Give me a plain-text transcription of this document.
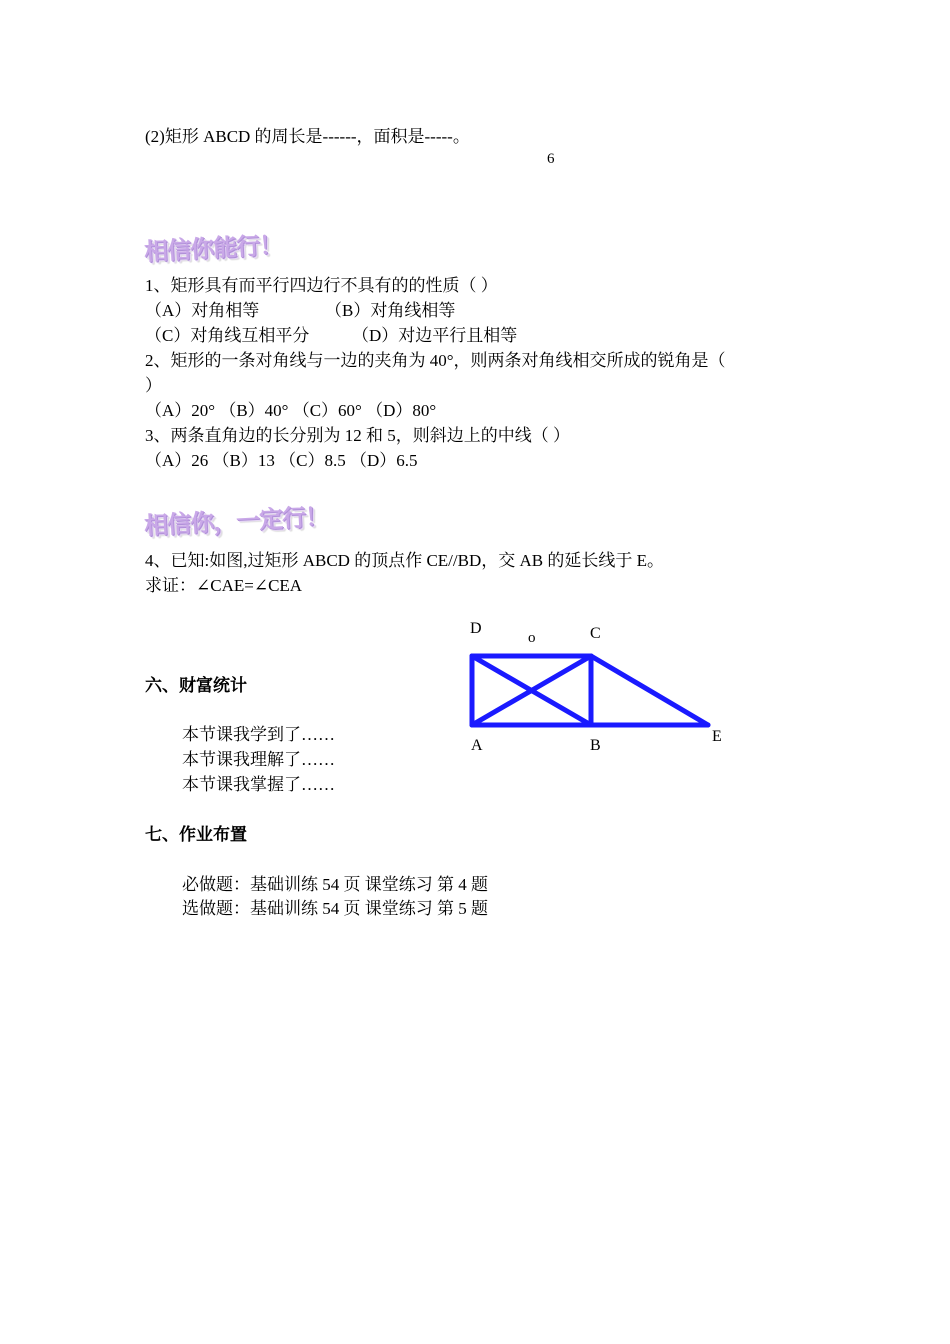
(2)矩形 ABCD 的周长是------，面积是-----。
6
相信你能行！
1、矩形具有而平行四边行不具有的的性质（ ）
（A）对角相等	（B）对角线相等
（C）对角线互相平分	（D）对边平行且相等
2、矩形的一条对角线与一边的夹角为 40°，则两条对角线相交所成的锐角是（
）
（A）20° （B）40° （C）60° （D）80°
3、两条直角边的长分别为 12 和 5，则斜边上的中线（ ）
（A）26 （B）13 （C）8.5 （D）6.5
相信你，一定行！
4、已知:如图,过矩形 ABCD 的顶点作 CE//BD，交 AB 的延长线于 E。
求证：∠CAE=∠CEA
D
o	C
A	B
E
六、财富统计
本节课我学到了……
本节课我理解了……
本节课我掌握了……
七、作业布置
必做题：基础训练 54 页 课堂练习 第 4 题
选做题：基础训练 54 页 课堂练习 第 5 题
